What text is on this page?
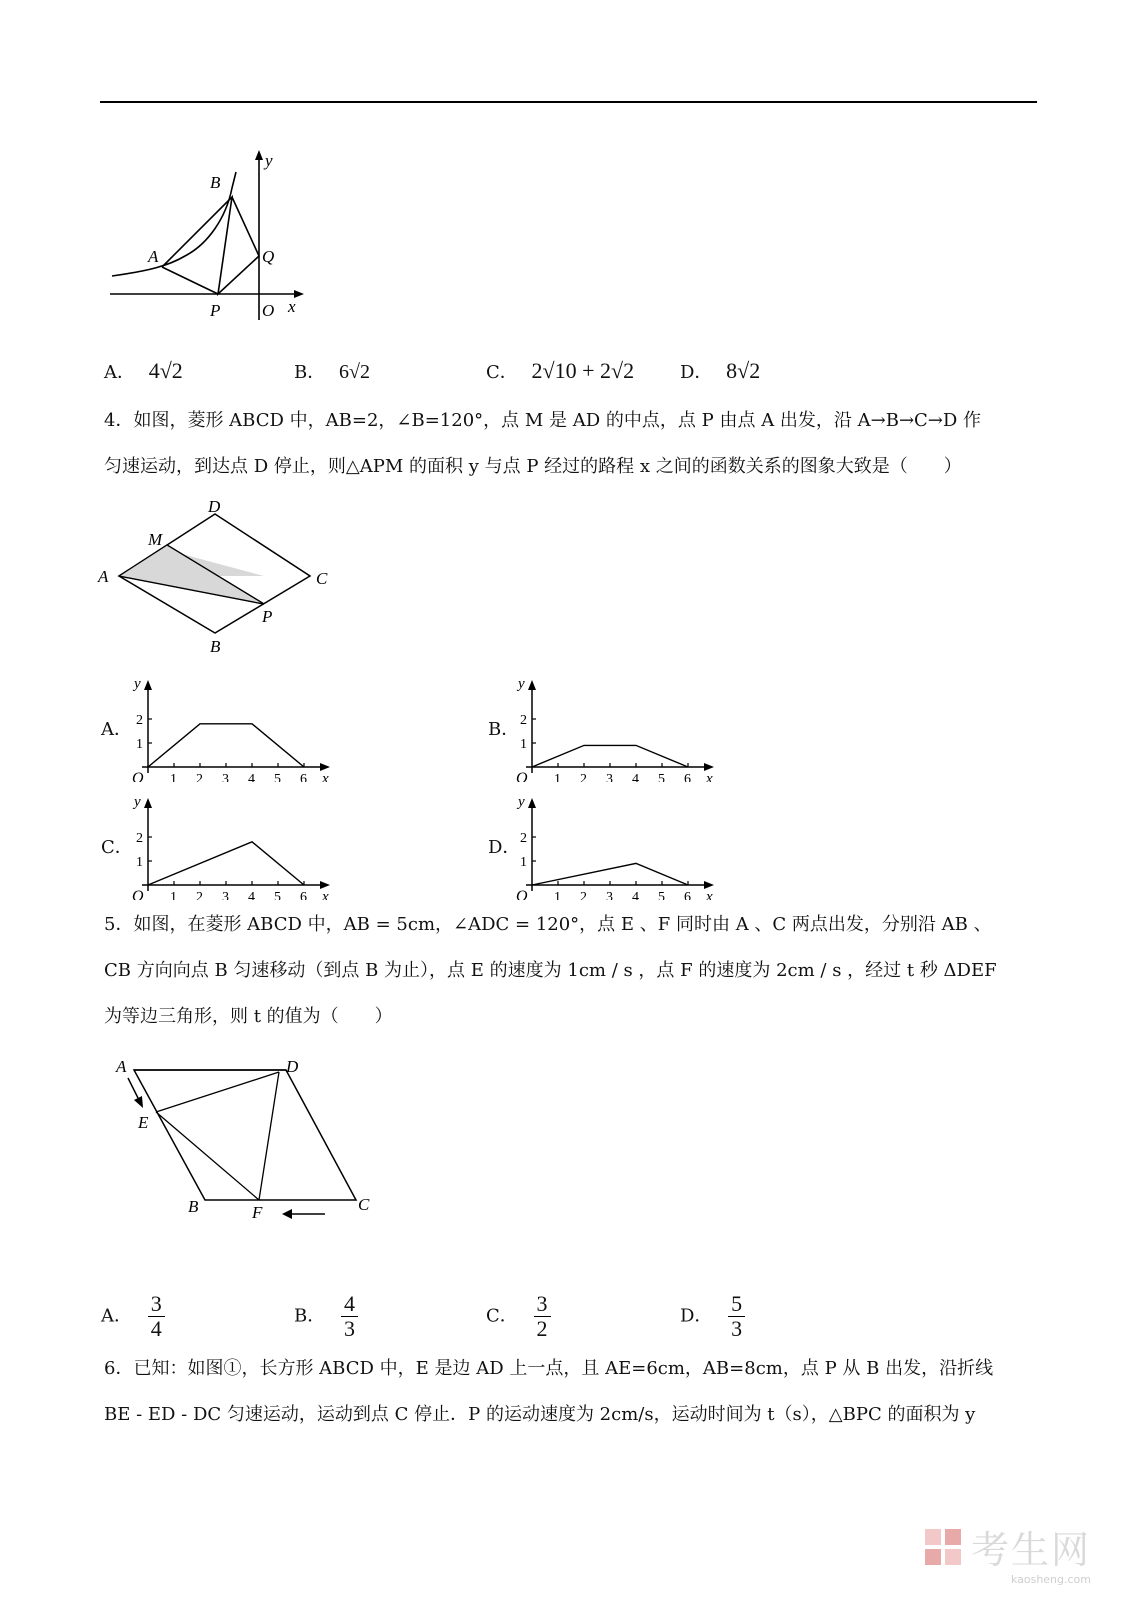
B
A	Q
P O x
y
A． 4√2	B． 6√2	C． 2√10 + 2√2	D． 8√2
4．如图，菱形 ABCD 中，AB=2，∠B=120°，点 M 是 AD 的中点，点 P 由点 A 出发，沿 A→B→C→D 作
匀速运动，到达点 D 停止，则△APM 的面积 y 与点 P 经过的路程 x 之间的函数关系的图象大致是（　　）
D
M
A	C
P
B
A．	B．
C．	D．
1
2
1 2 3 4 5 6
O	x
y
1
2
1 2 3 4 5 6
O	x
y
1
2
1 2 3 4 5 6
O	x
y
1
2
1 2 3 4 5 6
O	x
y
5．如图，在菱形 ABCD 中，AB = 5cm，∠ADC = 120°，点 E 、F 同时由 A 、C 两点出发，分别沿 AB 、
CB 方向向点 B 匀速移动（到点 B 为止），点 E 的速度为 1cm / s ，点 F 的速度为 2cm / s ，经过 t 秒 ΔDEF
为等边三角形，则 t 的值为（　　）
A	D
E
B	F	C
A． $\frac{3}{4}$	B． $\frac{4}{3}$	C． $\frac{3}{2}$	D． $\frac{5}{3}$
6．已知：如图①，长方形 ABCD 中，E 是边 AD 上一点，且 AE=6cm，AB=8cm，点 P 从 B 出发，沿折线
BE - ED - DC 匀速运动，运动到点 C 停止．P 的运动速度为 2cm/s，运动时间为 t（s），△BPC 的面积为 y
考生网
kaosheng.com
